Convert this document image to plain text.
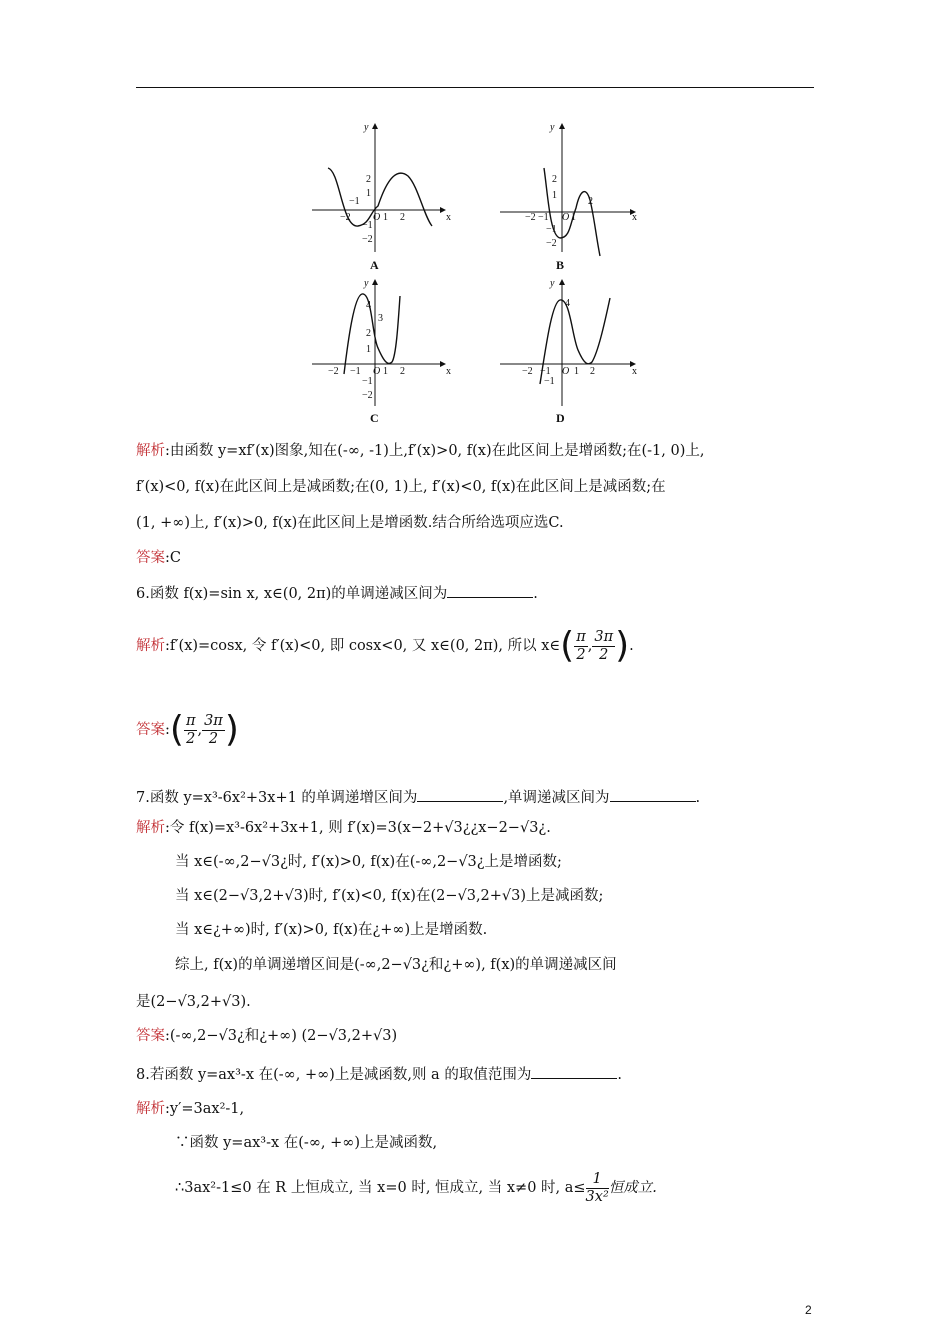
y
x
2
1
−1
−2 O 1 2
−1
−2
A
y
x
2
1
−2 −1 O 1
2
−1
−2
B
y
x
4
3
2
1
−2 −1 O 1 2
−1
−2
C
y
x
4
−2 −1 O 1 2
−1
D
解析:由函数 y=xf′(x)图象,知在(-∞, -1)上,f′(x)>0, f(x)在此区间上是增函数;在(-1, 0)上,
f′(x)<0, f(x)在此区间上是减函数;在(0, 1)上, f′(x)<0, f(x)在此区间上是减函数;在
(1, +∞)上, f′(x)>0, f(x)在此区间上是增函数.结合所给选项应选C.
答案:C
6.函数 f(x)=sin x, x∈(0, 2π)的单调递减区间为	.
解析:f′(x)=cosx, 令 f′(x)<0, 即 cosx<0, 又 x∈(0, 2π), 所以 x∈( $\frac{\pi}{2}$ , $\frac{3\pi}{2}$ ).
答案:( $\frac{\pi}{2}$ , $\frac{3\pi}{2}$ )
7.函数 y=x³-6x²+3x+1 的单调递增区间为	,单调递减区间为	.
解析:令 f(x)=x³-6x²+3x+1, 则 f′(x)=3(x−2+√3¿¿x−2−√3¿.
当 x∈(-∞,2−√3¿时, f′(x)>0, f(x)在(-∞,2−√3¿上是增函数;
当 x∈(2−√3,2+√3)时, f′(x)<0, f(x)在(2−√3,2+√3)上是减函数;
当 x∈¿+∞)时, f′(x)>0, f(x)在¿+∞)上是增函数.
综上, f(x)的单调递增区间是(-∞,2−√3¿和¿+∞), f(x)的单调递减区间
是(2−√3,2+√3).
答案:(-∞,2−√3¿和¿+∞) (2−√3,2+√3)
8.若函数 y=ax³-x 在(-∞, +∞)上是减函数,则 a 的取值范围为	.
解析:y′=3ax²-1,
∵函数 y=ax³-x 在(-∞, +∞)上是减函数,
∴3ax²-1≤0 在 R 上恒成立, 当 x=0 时, 恒成立, 当 x≠0 时, $a\le \frac{1}{\text{3x²}}$ 恒成立.
2
